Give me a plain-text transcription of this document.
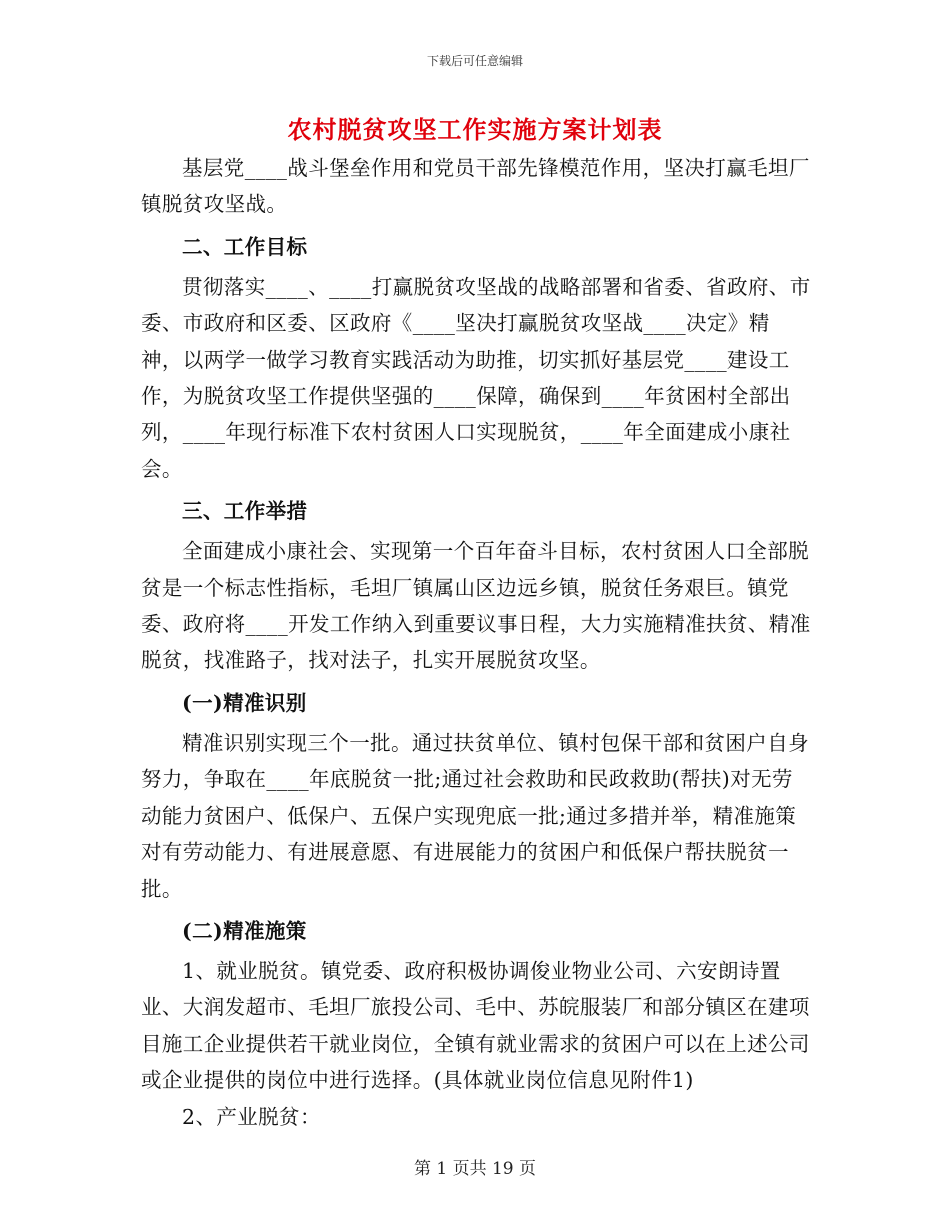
下载后可任意编辑
农村脱贫攻坚工作实施方案计划表

基层党____战斗堡垒作用和党员干部先锋模范作用，坚决打赢毛坦厂镇脱贫攻坚战。

二、工作目标

贯彻落实____、____打赢脱贫攻坚战的战略部署和省委、省政府、市委、市政府和区委、区政府《____坚决打赢脱贫攻坚战____决定》精神，以两学一做学习教育实践活动为助推，切实抓好基层党____建设工作，为脱贫攻坚工作提供坚强的____保障，确保到____年贫困村全部出列，____年现行标准下农村贫困人口实现脱贫，____年全面建成小康社会。

三、工作举措

全面建成小康社会、实现第一个百年奋斗目标，农村贫困人口全部脱贫是一个标志性指标，毛坦厂镇属山区边远乡镇，脱贫任务艰巨。镇党委、政府将____开发工作纳入到重要议事日程，大力实施精准扶贫、精准脱贫，找准路子，找对法子，扎实开展脱贫攻坚。

(一)精准识别

精准识别实现三个一批。通过扶贫单位、镇村包保干部和贫困户自身努力，争取在____年底脱贫一批;通过社会救助和民政救助(帮扶)对无劳动能力贫困户、低保户、五保户实现兜底一批;通过多措并举，精准施策对有劳动能力、有进展意愿、有进展能力的贫困户和低保户帮扶脱贫一批。

(二)精准施策

1、就业脱贫。镇党委、政府积极协调俊业物业公司、六安朗诗置业、大润发超市、毛坦厂旅投公司、毛中、苏皖服装厂和部分镇区在建项目施工企业提供若干就业岗位，全镇有就业需求的贫困户可以在上述公司或企业提供的岗位中进行选择。(具体就业岗位信息见附件1)

2、产业脱贫：

第 1 页共 19 页
